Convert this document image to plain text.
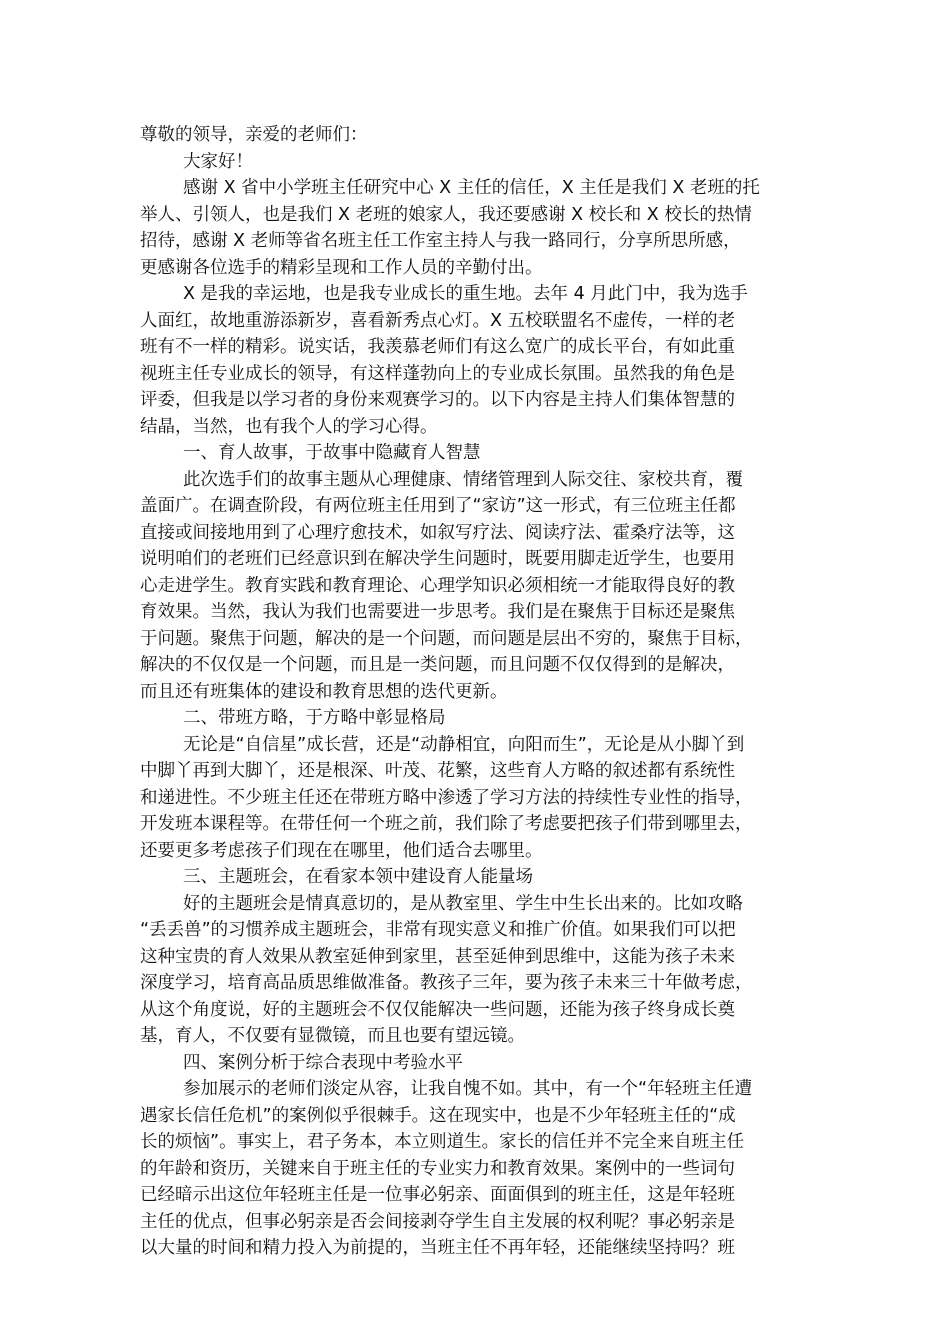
尊敬的领导，亲爱的老师们：
大家好！
感谢 X 省中小学班主任研究中心 X 主任的信任，X 主任是我们 X 老班的托
举人、引领人，也是我们 X 老班的娘家人，我还要感谢 X 校长和 X 校长的热情
招待，感谢 X 老师等省名班主任工作室主持人与我一路同行，分享所思所感，
更感谢各位选手的精彩呈现和工作人员的辛勤付出。
X 是我的幸运地，也是我专业成长的重生地。去年 4 月此门中，我为选手
人面红，故地重游添新岁，喜看新秀点心灯。X 五校联盟名不虚传，一样的老
班有不一样的精彩。说实话，我羡慕老师们有这么宽广的成长平台，有如此重
视班主任专业成长的领导，有这样蓬勃向上的专业成长氛围。虽然我的角色是
评委，但我是以学习者的身份来观赛学习的。以下内容是主持人们集体智慧的
结晶，当然，也有我个人的学习心得。
一、育人故事，于故事中隐藏育人智慧
此次选手们的故事主题从心理健康、情绪管理到人际交往、家校共育，覆
盖面广。在调查阶段，有两位班主任用到了“家访”这一形式，有三位班主任都
直接或间接地用到了心理疗愈技术，如叙写疗法、阅读疗法、霍桑疗法等，这
说明咱们的老班们已经意识到在解决学生问题时，既要用脚走近学生，也要用
心走进学生。教育实践和教育理论、心理学知识必须相统一才能取得良好的教
育效果。当然，我认为我们也需要进一步思考。我们是在聚焦于目标还是聚焦
于问题。聚焦于问题，解决的是一个问题，而问题是层出不穷的，聚焦于目标，
解决的不仅仅是一个问题，而且是一类问题，而且问题不仅仅得到的是解决，
而且还有班集体的建设和教育思想的迭代更新。
二、带班方略，于方略中彰显格局
无论是“自信星”成长营，还是“动静相宜，向阳而生”，无论是从小脚丫到
中脚丫再到大脚丫，还是根深、叶茂、花繁，这些育人方略的叙述都有系统性
和递进性。不少班主任还在带班方略中渗透了学习方法的持续性专业性的指导，
开发班本课程等。在带任何一个班之前，我们除了考虑要把孩子们带到哪里去，
还要更多考虑孩子们现在在哪里，他们适合去哪里。
三、主题班会，在看家本领中建设育人能量场
好的主题班会是情真意切的，是从教室里、学生中生长出来的。比如攻略
“丢丢兽”的习惯养成主题班会，非常有现实意义和推广价值。如果我们可以把
这种宝贵的育人效果从教室延伸到家里，甚至延伸到思维中，这能为孩子未来
深度学习，培育高品质思维做准备。教孩子三年，要为孩子未来三十年做考虑，
从这个角度说，好的主题班会不仅仅能解决一些问题，还能为孩子终身成长奠
基，育人，不仅要有显微镜，而且也要有望远镜。
四、案例分析于综合表现中考验水平
参加展示的老师们淡定从容，让我自愧不如。其中，有一个“年轻班主任遭
遇家长信任危机”的案例似乎很棘手。这在现实中，也是不少年轻班主任的“成
长的烦恼”。事实上，君子务本，本立则道生。家长的信任并不完全来自班主任
的年龄和资历，关键来自于班主任的专业实力和教育效果。案例中的一些词句
已经暗示出这位年轻班主任是一位事必躬亲、面面俱到的班主任，这是年轻班
主任的优点，但事必躬亲是否会间接剥夺学生自主发展的权利呢？事必躬亲是
以大量的时间和精力投入为前提的，当班主任不再年轻，还能继续坚持吗？班
